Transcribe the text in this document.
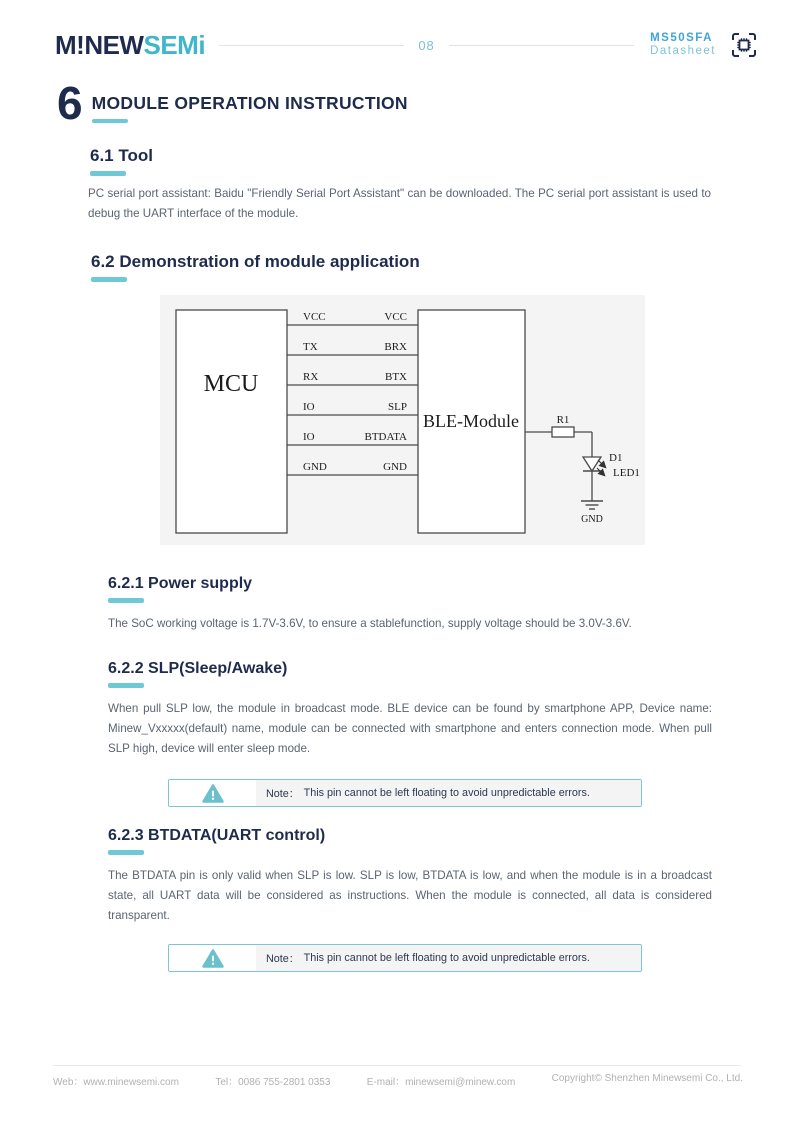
M!NEWSEMi	08	MS50SFA
Datasheet
6 MODULE OPERATION INSTRUCTION
6.1 Tool

PC serial port assistant: Baidu "Friendly Serial Port Assistant" can be downloaded. The PC serial port assistant is used to debug the UART interface of the module.

6.2 Demonstration of module application
MCU
BLE-Module
VCC
TX
RX
IO
IO
GND
VCC
BRX
BTX
SLP
BTDATA
GND
R1
D1
LED1
GND
6.2.1 Power supply

The SoC working voltage is 1.7V-3.6V, to ensure a stablefunction, supply voltage should be 3.0V-3.6V.

6.2.2 SLP(Sleep/Awake)

When pull SLP low, the module in broadcast mode. BLE device can be found by smartphone APP, Device name: Minew_Vxxxxx(default) name, module can be connected with smartphone and enters connection mode. When pull SLP high, device will enter sleep mode.

Note： This pin cannot be left floating to avoid unpredictable errors.
6.2.3 BTDATA(UART control)

The BTDATA pin is only valid when SLP is low. SLP is low, BTDATA is low, and when the module is in a broadcast state, all UART data will be considered as instructions. When the module is connected, all data is considered transparent.

Note： This pin cannot be left floating to avoid unpredictable errors.
Web：www.minewsemi.com	Tel：0086 755-2801 0353	E-mail：minewsemi@minew.com	Copyright© Shenzhen Minewsemi Co., Ltd.
